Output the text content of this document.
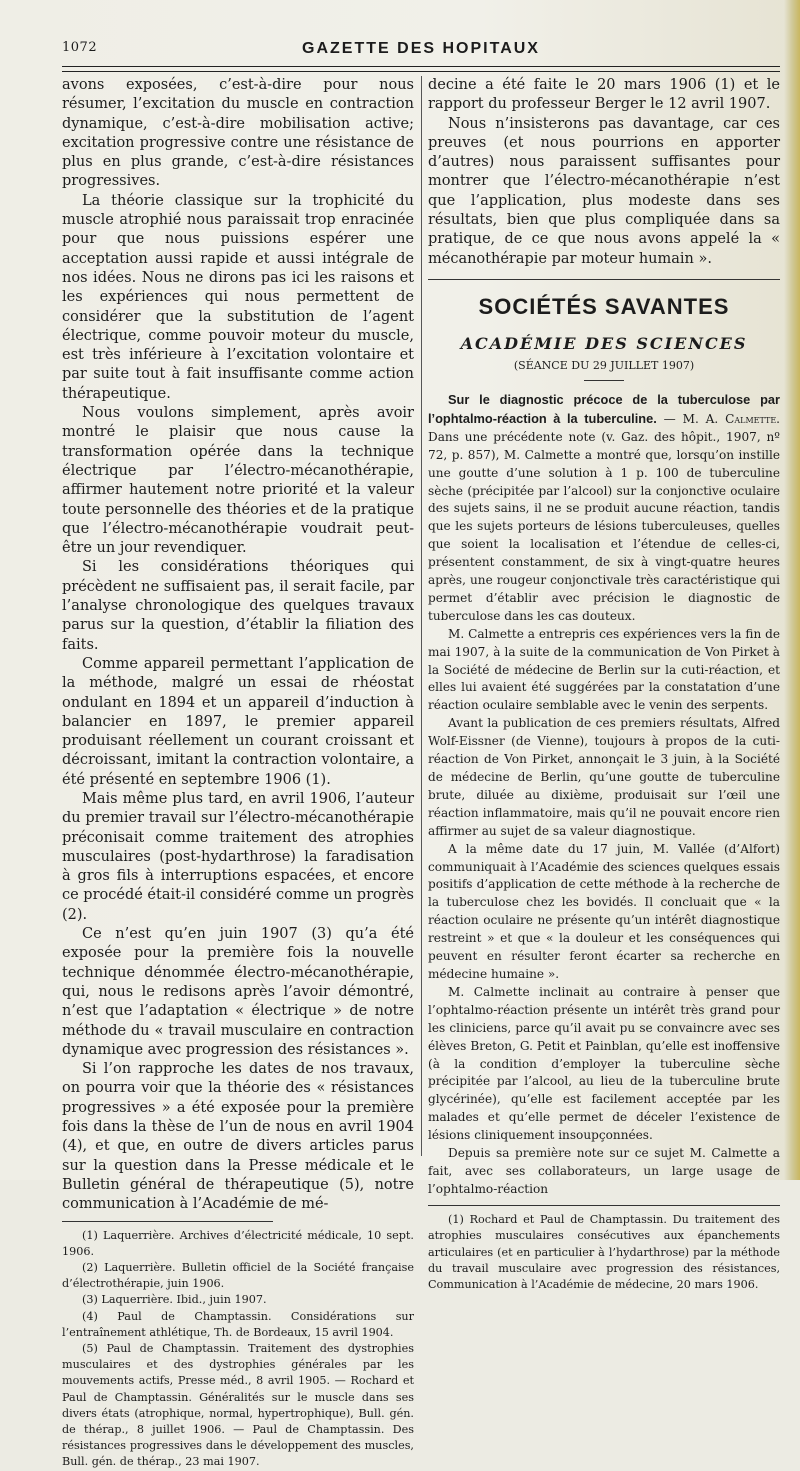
1072	GAZETTE DES HOPITAUX

avons exposées, c’est-à-dire pour nous résumer, l’excitation du muscle en contraction dynamique, c’est-à-dire mobilisation active; excitation progressive contre une résistance de plus en plus grande, c’est-à-dire résistances progressives.

La théorie classique sur la trophicité du muscle atrophié nous paraissait trop enracinée pour que nous puissions espérer une acceptation aussi rapide et aussi intégrale de nos idées. Nous ne dirons pas ici les raisons et les expériences qui nous permettent de considérer que la substitution de l’agent électrique, comme pouvoir moteur du muscle, est très inférieure à l’excitation volontaire et par suite tout à fait insuffisante comme action thérapeutique.

Nous voulons simplement, après avoir montré le plaisir que nous cause la transformation opérée dans la technique électrique par l’électro-mécanothérapie, affirmer hautement notre priorité et la valeur toute personnelle des théories et de la pratique que l’électro-mécanothérapie voudrait peut-être un jour revendiquer.

Si les considérations théoriques qui précèdent ne suffisaient pas, il serait facile, par l’analyse chronologique des quelques travaux parus sur la question, d’établir la filiation des faits.

Comme appareil permettant l’application de la méthode, malgré un essai de rhéostat ondulant en 1894 et un appareil d’induction à balancier en 1897, le premier appareil produisant réellement un courant croissant et décroissant, imitant la contraction volontaire, a été présenté en septembre 1906 (1).

Mais même plus tard, en avril 1906, l’auteur du premier travail sur l’électro-mécanothérapie préconisait comme traitement des atrophies musculaires (post-hydarthrose) la faradisation à gros fils à interruptions espacées, et encore ce procédé était-il considéré comme un progrès (2).

Ce n’est qu’en juin 1907 (3) qu’a été exposée pour la première fois la nouvelle technique dénommée électro-mécanothérapie, qui, nous le redisons après l’avoir démontré, n’est que l’adaptation « électrique » de notre méthode du « travail musculaire en contraction dynamique avec progression des résistances ».

Si l’on rapproche les dates de nos travaux, on pourra voir que la théorie des « résistances progressives » a été exposée pour la première fois dans la thèse de l’un de nous en avril 1904 (4), et que, en outre de divers articles parus sur la question dans la Presse médicale et le Bulletin général de thérapeutique (5), notre communication à l’Académie de mé-

(1) Laquerrière. Archives d’électricité médicale, 10 sept. 1906.

(2) Laquerrière. Bulletin officiel de la Société française d’électrothérapie, juin 1906.

(3) Laquerrière. Ibid., juin 1907.

(4) Paul de Champtassin. Considérations sur l’entraînement athlétique, Th. de Bordeaux, 15 avril 1904.

(5) Paul de Champtassin. Traitement des dystrophies musculaires et des dystrophies générales par les mouvements actifs, Presse méd., 8 avril 1905. — Rochard et Paul de Champtassin. Généralités sur le muscle dans ses divers états (atrophique, normal, hypertrophique), Bull. gén. de thérap., 8 juillet 1906. — Paul de Champtassin. Des résistances progressives dans le développement des muscles, Bull. gén. de thérap., 23 mai 1907.

decine a été faite le 20 mars 1906 (1) et le rapport du professeur Berger le 12 avril 1907.

Nous n’insisterons pas davantage, car ces preuves (et nous pourrions en apporter d’autres) nous paraissent suffisantes pour montrer que l’électro-mécanothérapie n’est que l’application, plus modeste dans ses résultats, bien que plus compliquée dans sa pratique, de ce que nous avons appelé la « mécanothérapie par moteur humain ».

SOCIÉTÉS SAVANTES
ACADÉMIE DES SCIENCES
(SÉANCE DU 29 JUILLET 1907)

Sur le diagnostic précoce de la tuberculose par l’ophtalmo-réaction à la tuberculine. — M. A. Calmette. Dans une précédente note (v. Gaz. des hôpit., 1907, nº 72, p. 857), M. Calmette a montré que, lorsqu’on instille une goutte d’une solution à 1 p. 100 de tuberculine sèche (précipitée par l’alcool) sur la conjonctive oculaire des sujets sains, il ne se produit aucune réaction, tandis que les sujets porteurs de lésions tuberculeuses, quelles que soient la localisation et l’étendue de celles-ci, présentent constamment, de six à vingt-quatre heures après, une rougeur conjonctivale très caractéristique qui permet d’établir avec précision le diagnostic de tuberculose dans les cas douteux.

M. Calmette a entrepris ces expériences vers la fin de mai 1907, à la suite de la communication de Von Pirket à la Société de médecine de Berlin sur la cuti-réaction, et elles lui avaient été suggérées par la constatation d’une réaction oculaire semblable avec le venin des serpents.

Avant la publication de ces premiers résultats, Alfred Wolf-Eissner (de Vienne), toujours à propos de la cuti-réaction de Von Pirket, annonçait le 3 juin, à la Société de médecine de Berlin, qu’une goutte de tuberculine brute, diluée au dixième, produisait sur l’œil une réaction inflammatoire, mais qu’il ne pouvait encore rien affirmer au sujet de sa valeur diagnostique.

A la même date du 17 juin, M. Vallée (d’Alfort) communiquait à l’Académie des sciences quelques essais positifs d’application de cette méthode à la recherche de la tuberculose chez les bovidés. Il concluait que « la réaction oculaire ne présente qu’un intérêt diagnostique restreint » et que « la douleur et les conséquences qui peuvent en résulter feront écarter sa recherche en médecine humaine ».

M. Calmette inclinait au contraire à penser que l’ophtalmo-réaction présente un intérêt très grand pour les cliniciens, parce qu’il avait pu se convaincre avec ses élèves Breton, G. Petit et Painblan, qu’elle est inoffensive (à la condition d’employer la tuberculine sèche précipitée par l’alcool, au lieu de la tuberculine brute glycérinée), qu’elle est facilement acceptée par les malades et qu’elle permet de déceler l’existence de lésions cliniquement insoupçonnées.

Depuis sa première note sur ce sujet M. Calmette a fait, avec ses collaborateurs, un large usage de l’ophtalmo-réaction

(1) Rochard et Paul de Champtassin. Du traitement des atrophies musculaires consécutives aux épanchements articulaires (et en particulier à l’hydarthrose) par la méthode du travail musculaire avec progression des résistances, Communication à l’Académie de médecine, 20 mars 1906.
